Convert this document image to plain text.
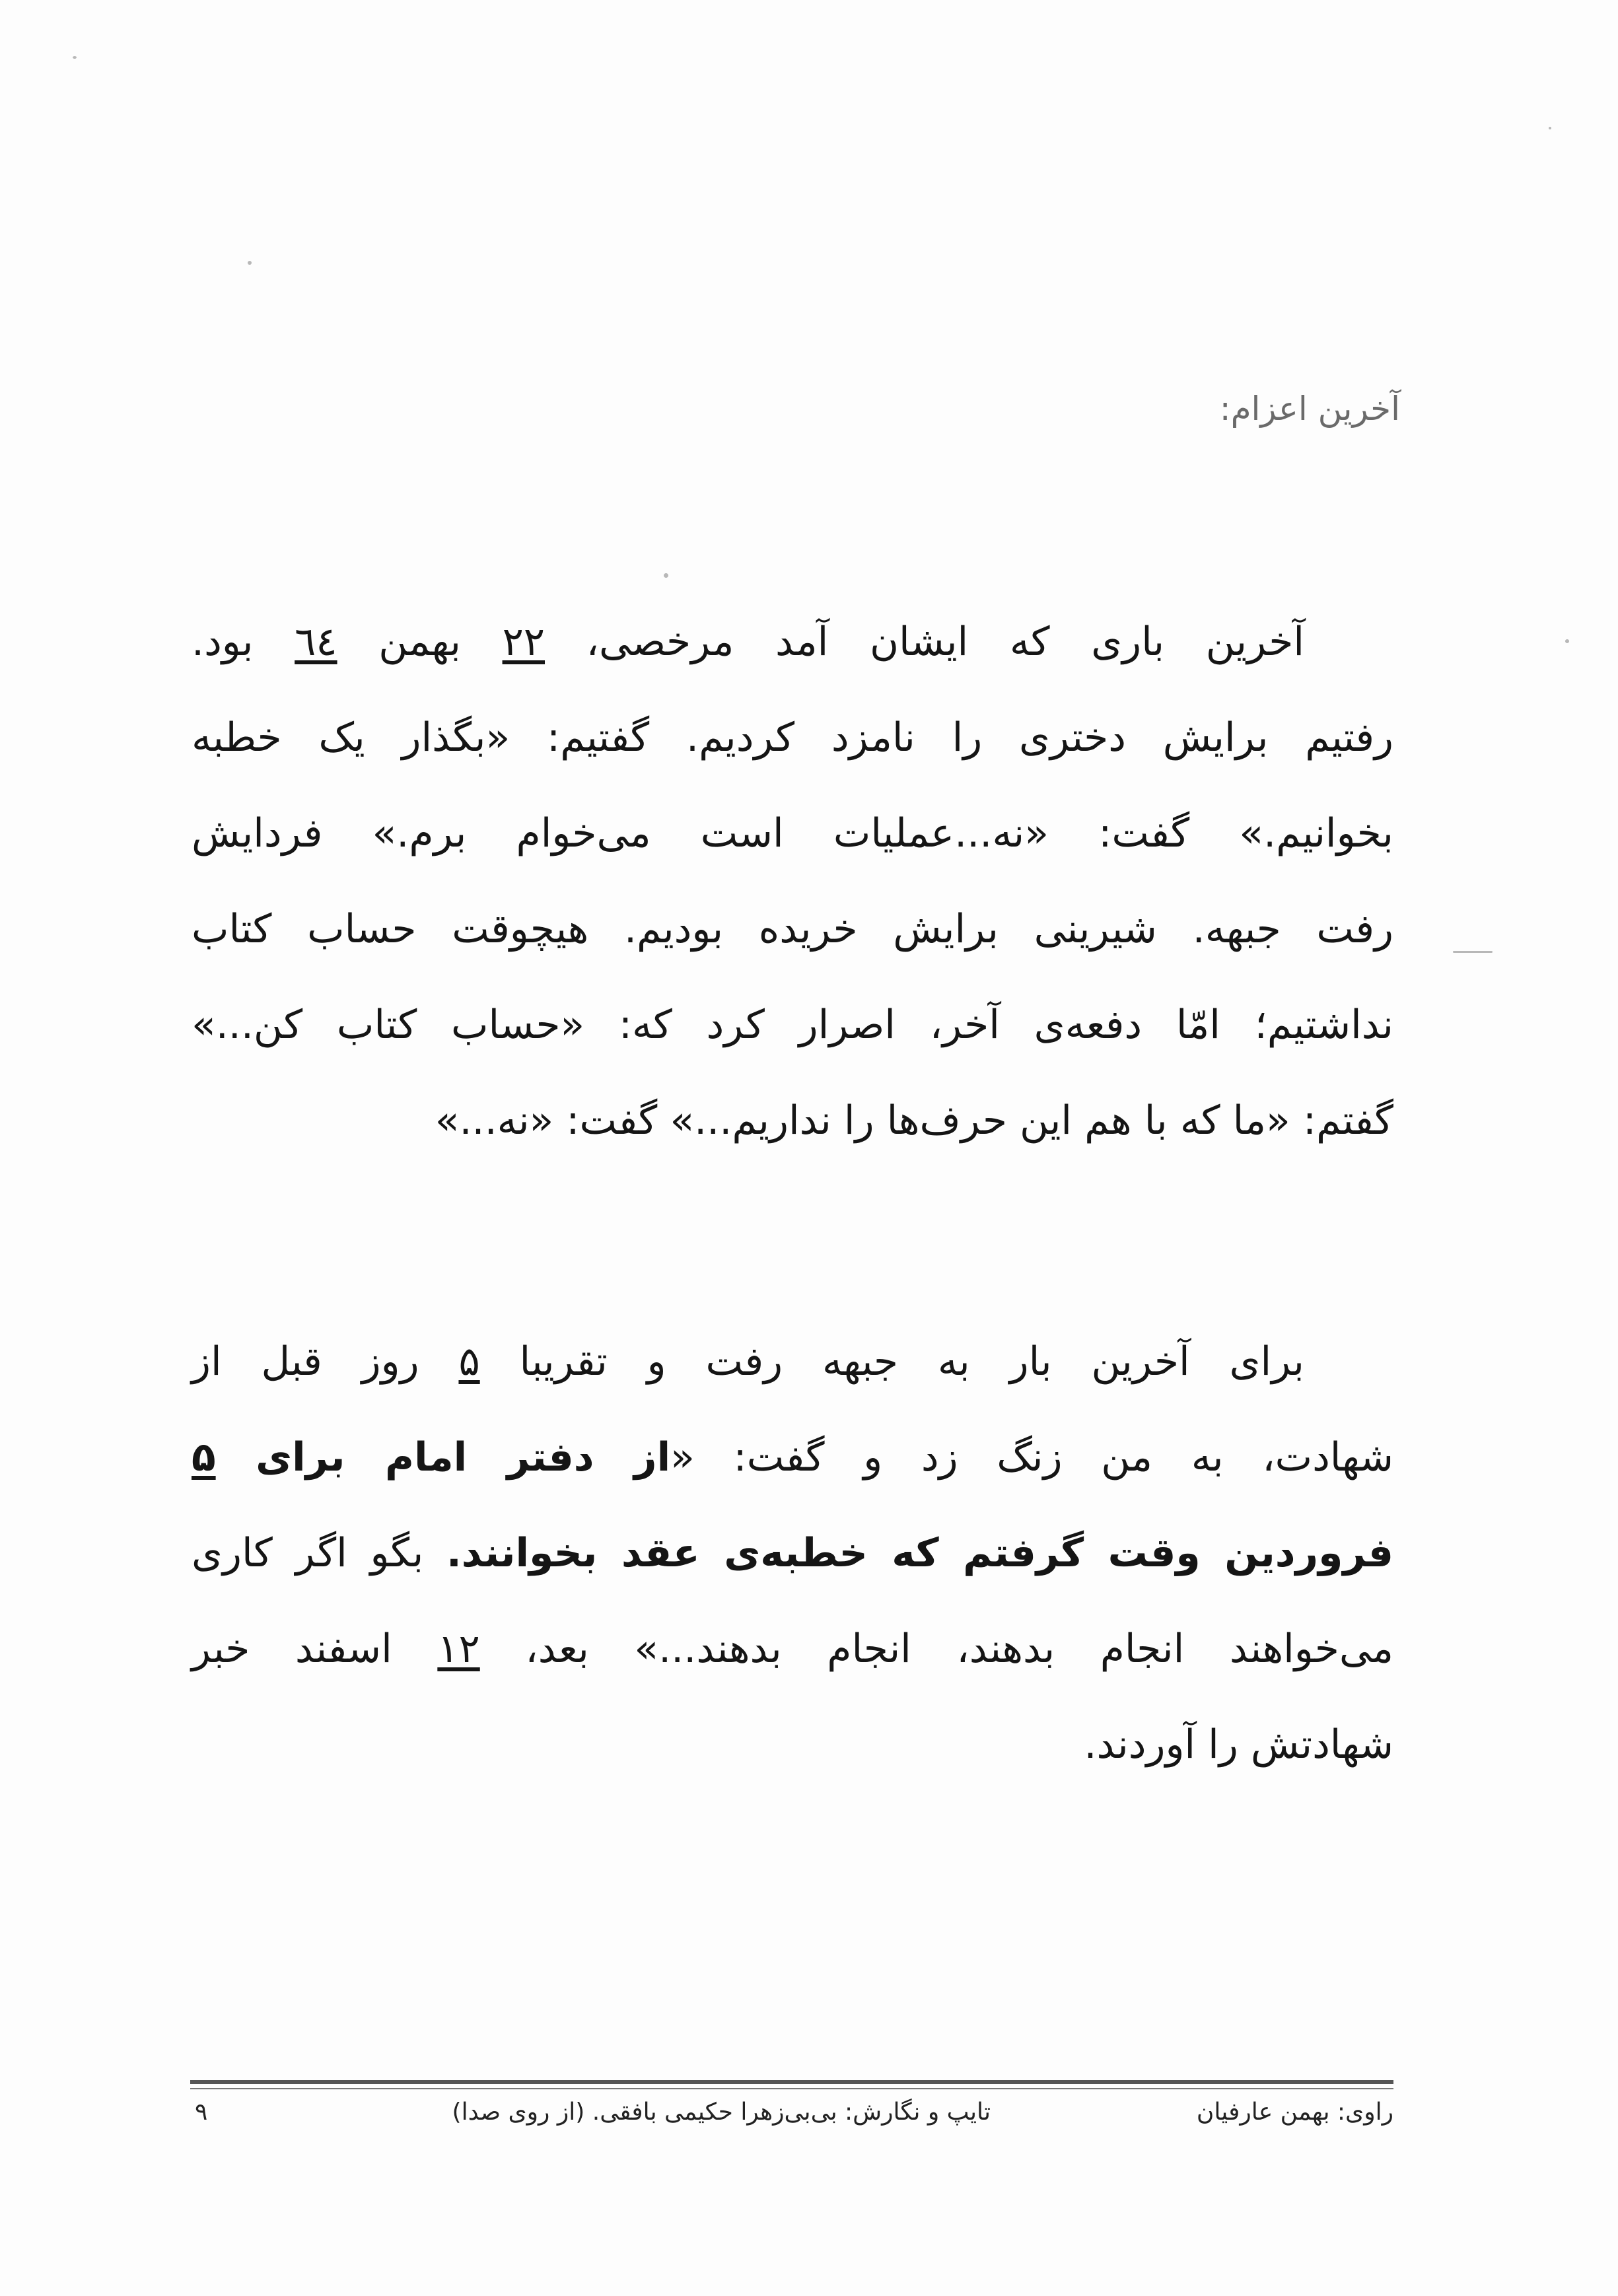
آخرین اعزام:
آخرین باری که ایشان آمد مرخصی، ۲۲ بهمن ٦٤ بود.
رفتیم برایش دختری را نامزد کردیم. گفتیم: «بگذار یک خطبه
بخوانیم.» گفت: «نه...عملیات است می‌خوام برم.» فردایش
رفت جبهه. شیرینی برایش خریده بودیم. هیچوقت حساب کتاب
نداشتیم؛ امّا دفعه‌ی آخر، اصرار کرد که: «حساب کتاب کن...»
گفتم: «ما که با هم این حرف‌ها را نداریم...» گفت: «نه...»
برای آخرین بار به جبهه رفت و تقریبا ۵ روز قبل از
شهادت، به من زنگ زد و گفت: «از دفتر امام برای ۵
فروردین وقت گرفتم که خطبه‌ی عقد بخوانند. بگو اگر کاری
می‌خواهند انجام بدهند، انجام بدهند...» بعد، ۱۲ اسفند خبر
شهادتش را آوردند.
راوی: بهمن عارفیان
تایپ و نگارش: بی‌بی‌زهرا حکیمی بافقی. (از روی صدا)
۹
